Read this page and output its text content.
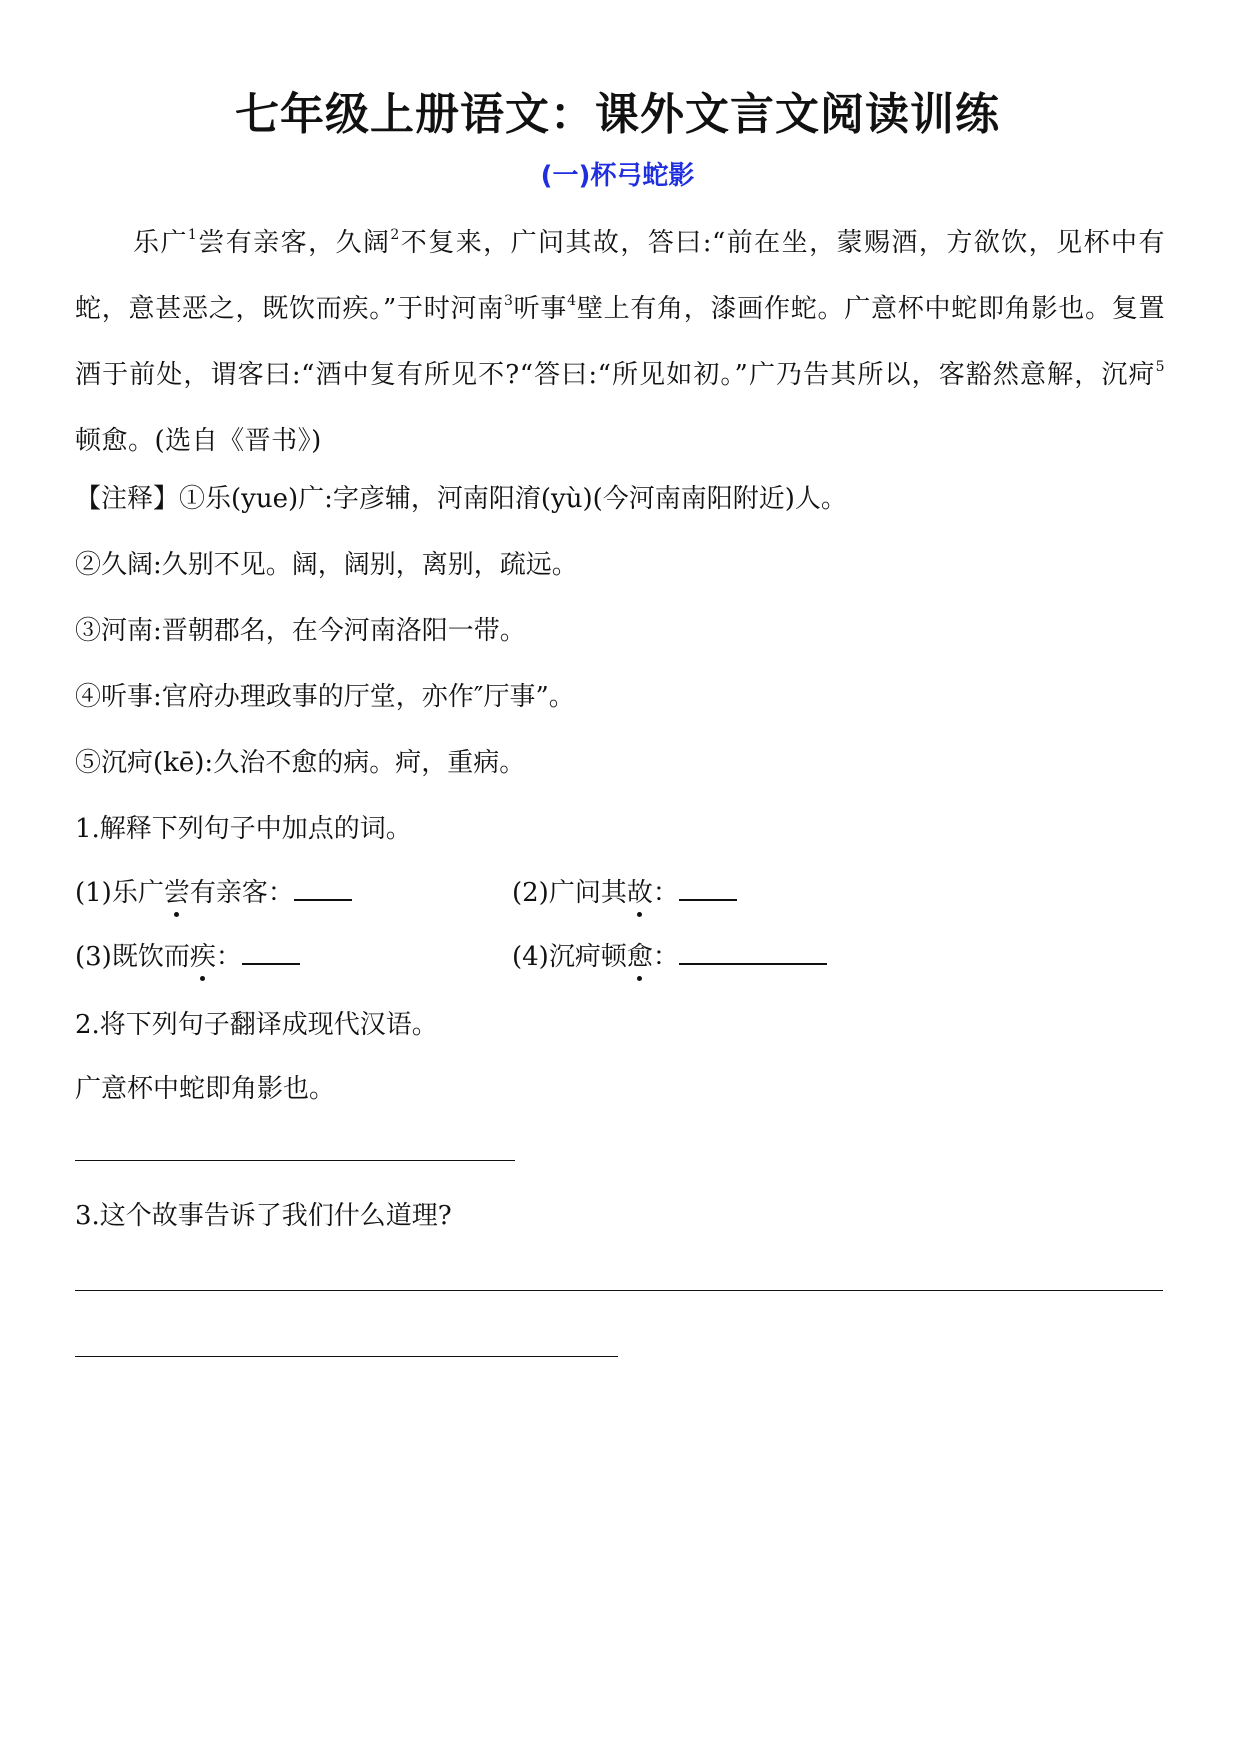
七年级上册语文：课外文言文阅读训练
(一)杯弓蛇影
乐广$^1$尝有亲客，久阔$^2$不复来，广问其故，答曰:“前在坐，蒙赐酒，方欲饮，见杯中有蛇，意甚恶之，既饮而疾。”于时河南$^3$听事$^4$壁上有角，漆画作蛇。广意杯中蛇即角影也。复置酒于前处，谓客曰:“酒中复有所见不?“答曰:“所见如初。”广乃告其所以，客豁然意解，沉疴$^5$顿愈。(选自《晋书》)
【注释】①乐(yue)广:字彦辅，河南阳淯(yù)(今河南南阳附近)人。
②久阔:久别不见。阔，阔别，离别，疏远。
③河南:晋朝郡名，在今河南洛阳一带。
④听事:官府办理政事的厅堂，亦作″厅事”。
⑤沉疴(kē):久治不愈的病。疴，重病。
1.解释下列句子中加点的词。
(1)乐广尝有亲客：	(2)广问其故：
(3)既饮而疾：	(4)沉疴顿愈：
2.将下列句子翻译成现代汉语。
广意杯中蛇即角影也。
3.这个故事告诉了我们什么道理?
